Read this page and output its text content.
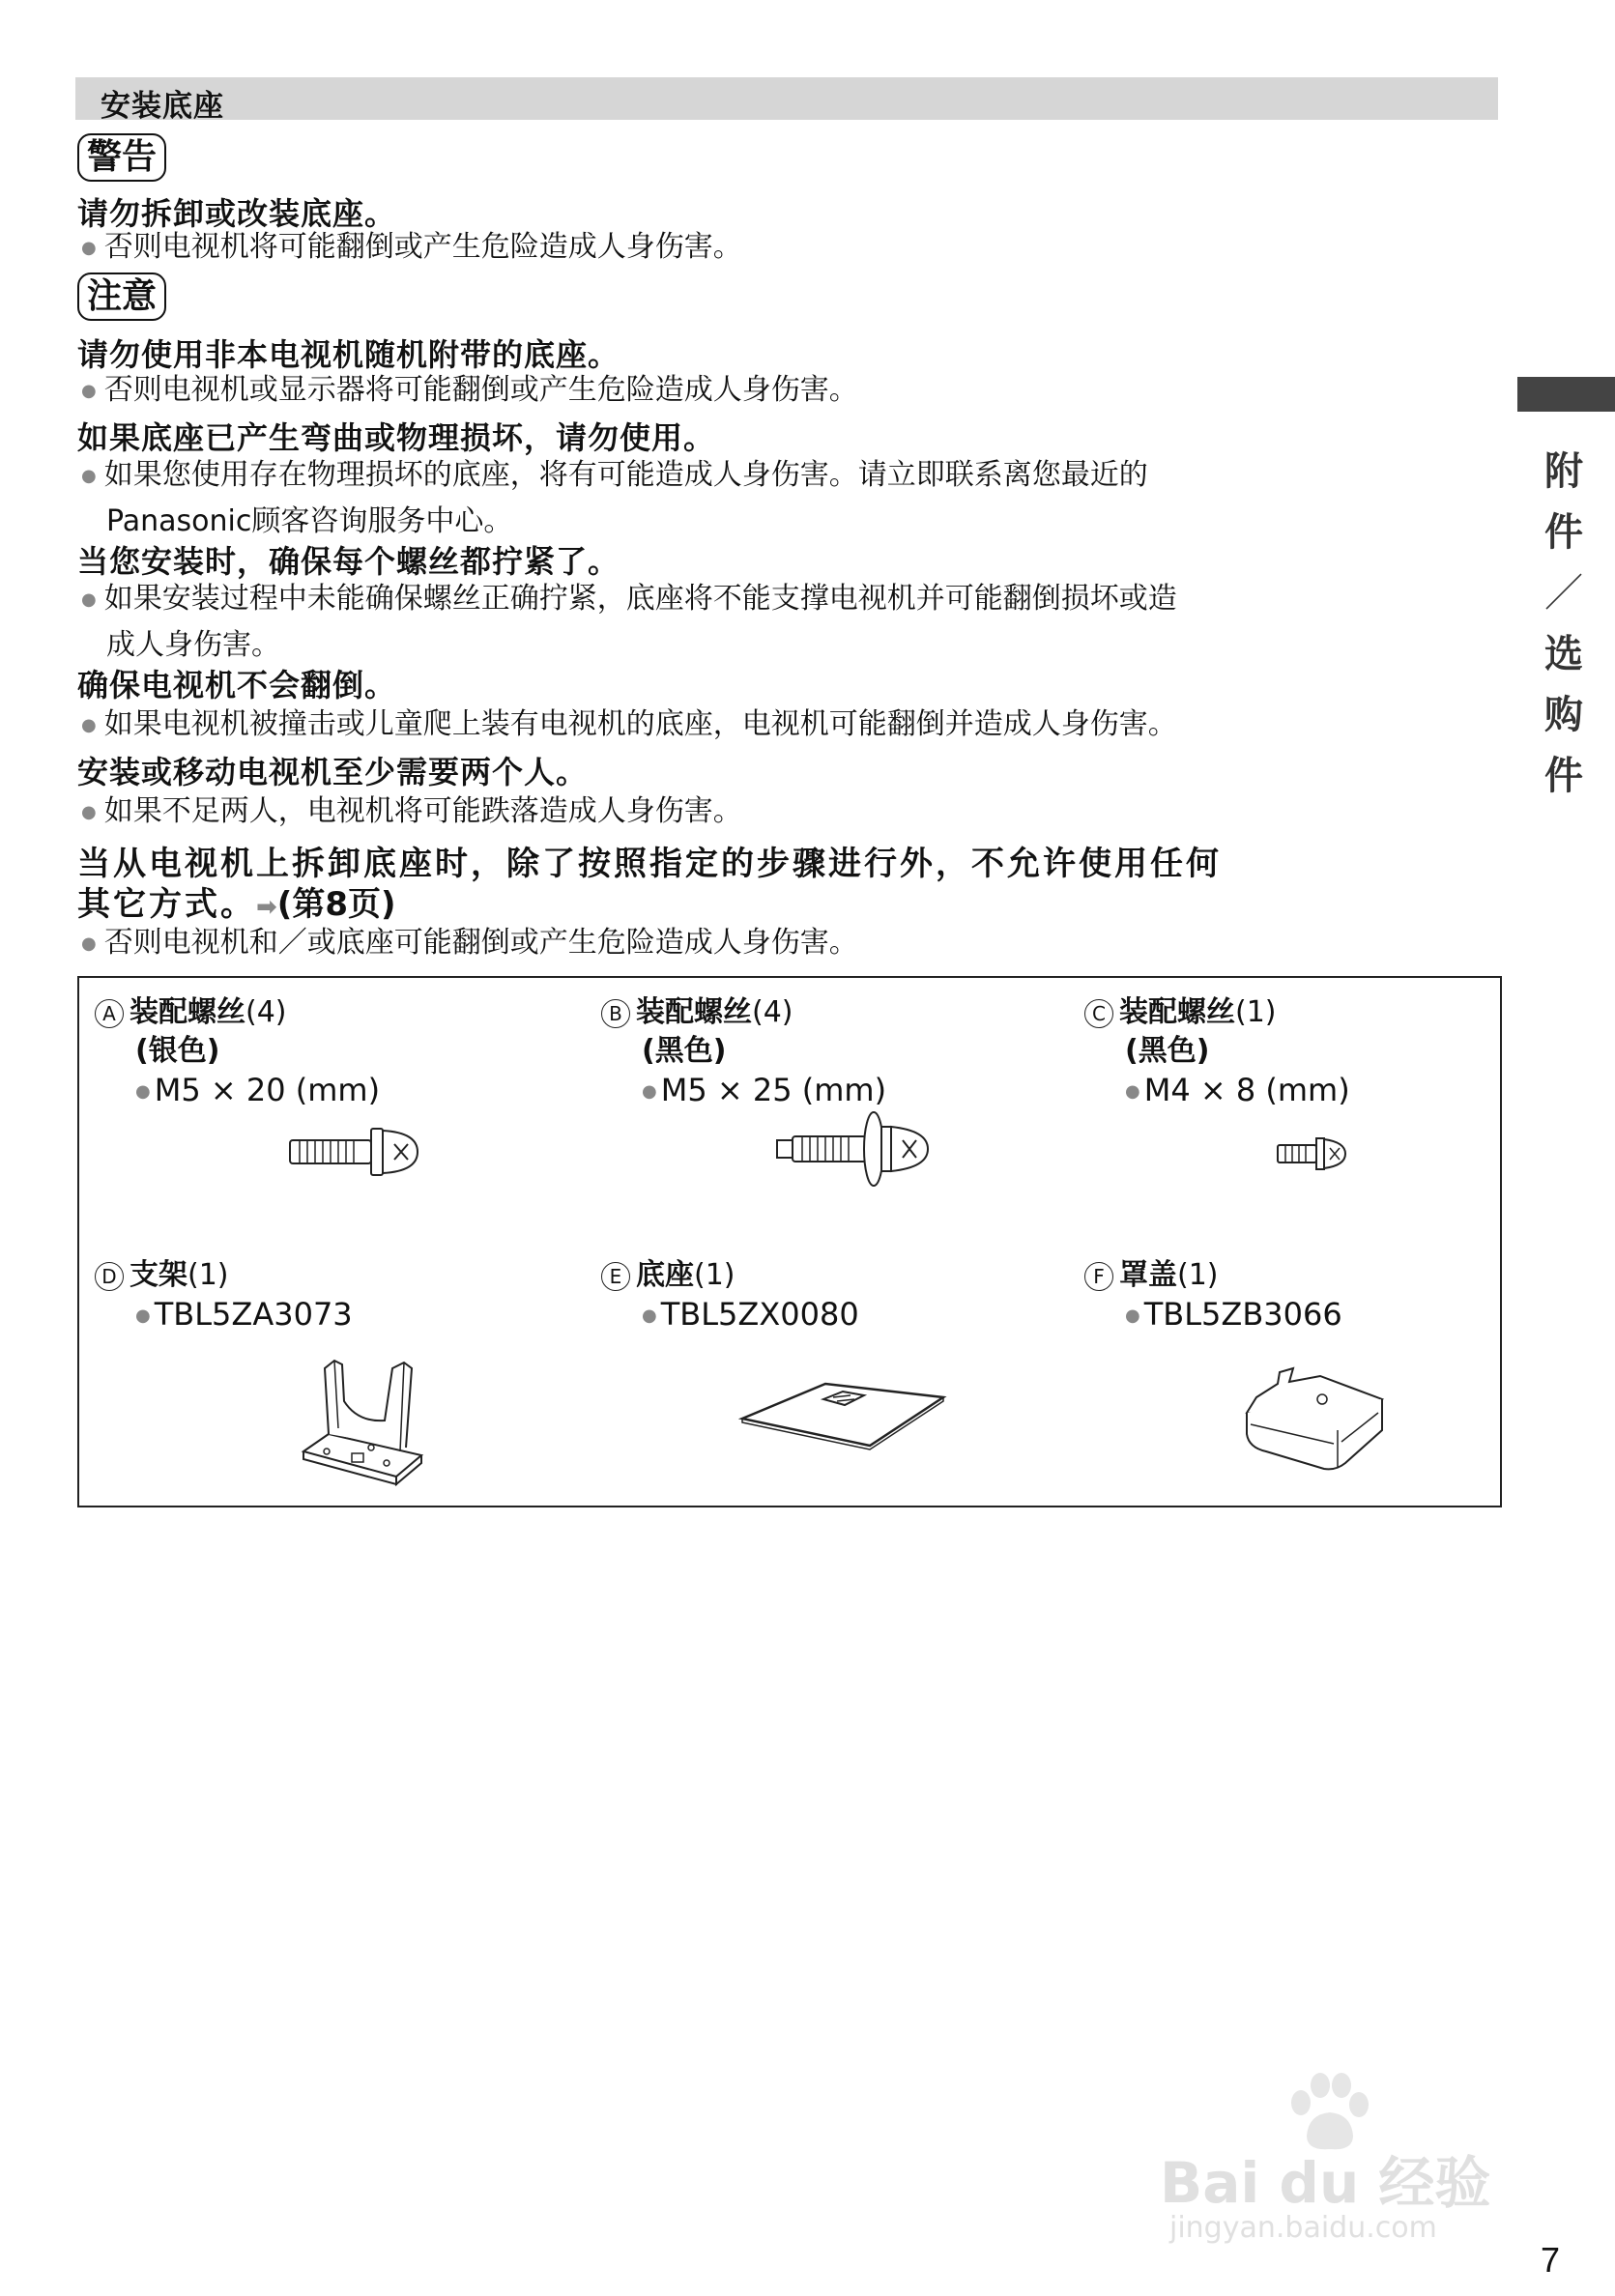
安装底座
警告
请勿拆卸或改装底座。
● 否则电视机将可能翻倒或产生危险造成人身伤害。
注意
请勿使用非本电视机随机附带的底座。
● 否则电视机或显示器将可能翻倒或产生危险造成人身伤害。
如果底座已产生弯曲或物理损坏，请勿使用。
● 如果您使用存在物理损坏的底座，将有可能造成人身伤害。请立即联系离您最近的
Panasonic顾客咨询服务中心。
当您安装时，确保每个螺丝都拧紧了。
● 如果安装过程中未能确保螺丝正确拧紧，底座将不能支撑电视机并可能翻倒损坏或造
成人身伤害。
确保电视机不会翻倒。
● 如果电视机被撞击或儿童爬上装有电视机的底座，电视机可能翻倒并造成人身伤害。
安装或移动电视机至少需要两个人。
● 如果不足两人，电视机将可能跌落造成人身伤害。
当从电视机上拆卸底座时，除了按照指定的步骤进行外，不允许使用任何
其它方式。➡(第8页)
● 否则电视机和／或底座可能翻倒或产生危险造成人身伤害。
A 装配螺丝(4)
(银色)
● M5 × 20 (mm)
B 装配螺丝(4)
(黑色)
● M5 × 25 (mm)
C 装配螺丝(1)
(黑色)
● M4 × 8 (mm)
D 支架(1)
● TBL5ZA3073
E 底座(1)
● TBL5ZX0080
F 罩盖(1)
● TBL5ZB3066
附
件
／
选
购
件
Bai du 经验
jingyan.baidu.com
7
